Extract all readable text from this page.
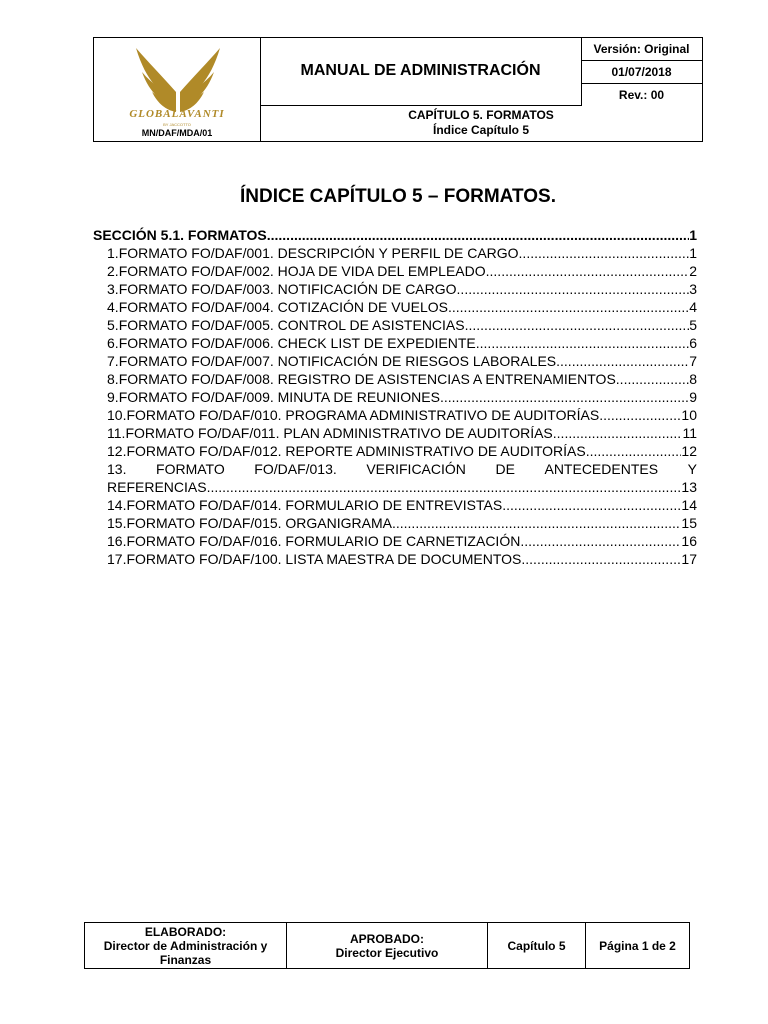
GLOBALAVANTI
BY JACCOTTO
MN/DAF/MDA/01
MANUAL DE ADMINISTRACIÓN
Versión: Original
01/07/2018
Rev.: 00
CAPÍTULO 5. FORMATOS
Índice Capítulo 5
ÍNDICE CAPÍTULO 5 – FORMATOS.
SECCIÓN 5.1. FORMATOS .....	1
1. FORMATO FO/DAF/001. DESCRIPCIÓN Y PERFIL DE CARGO .....	1
2. FORMATO FO/DAF/002. HOJA DE VIDA DEL EMPLEADO .....	2
3. FORMATO FO/DAF/003. NOTIFICACIÓN DE CARGO .....	3
4. FORMATO FO/DAF/004. COTIZACIÓN DE VUELOS .....	4
5. FORMATO FO/DAF/005. CONTROL DE ASISTENCIAS .....	5
6. FORMATO FO/DAF/006. CHECK LIST DE EXPEDIENTE .....	6
7. FORMATO FO/DAF/007. NOTIFICACIÓN DE RIESGOS LABORALES .....	7
8. FORMATO FO/DAF/008. REGISTRO DE ASISTENCIAS A ENTRENAMIENTOS .....	8
9. FORMATO FO/DAF/009. MINUTA DE REUNIONES .....	9
10. FORMATO FO/DAF/010. PROGRAMA ADMINISTRATIVO DE AUDITORÍAS .....	10
11. FORMATO FO/DAF/011. PLAN ADMINISTRATIVO DE AUDITORÍAS .....	11
12. FORMATO FO/DAF/012. REPORTE ADMINISTRATIVO DE AUDITORÍAS .....	12
13. FORMATO FO/DAF/013. VERIFICACIÓN DE ANTECEDENTES Y
REFERENCIAS .....	13
14. FORMATO FO/DAF/014. FORMULARIO DE ENTREVISTAS .....	14
15. FORMATO FO/DAF/015. ORGANIGRAMA .....	15
16. FORMATO FO/DAF/016. FORMULARIO DE CARNETIZACIÓN .....	16
17. FORMATO FO/DAF/100. LISTA MAESTRA DE DOCUMENTOS .....	17
ELABORADO:
Director de Administración y Finanzas
APROBADO:
Director Ejecutivo	Capítulo 5	Página 1 de 2
